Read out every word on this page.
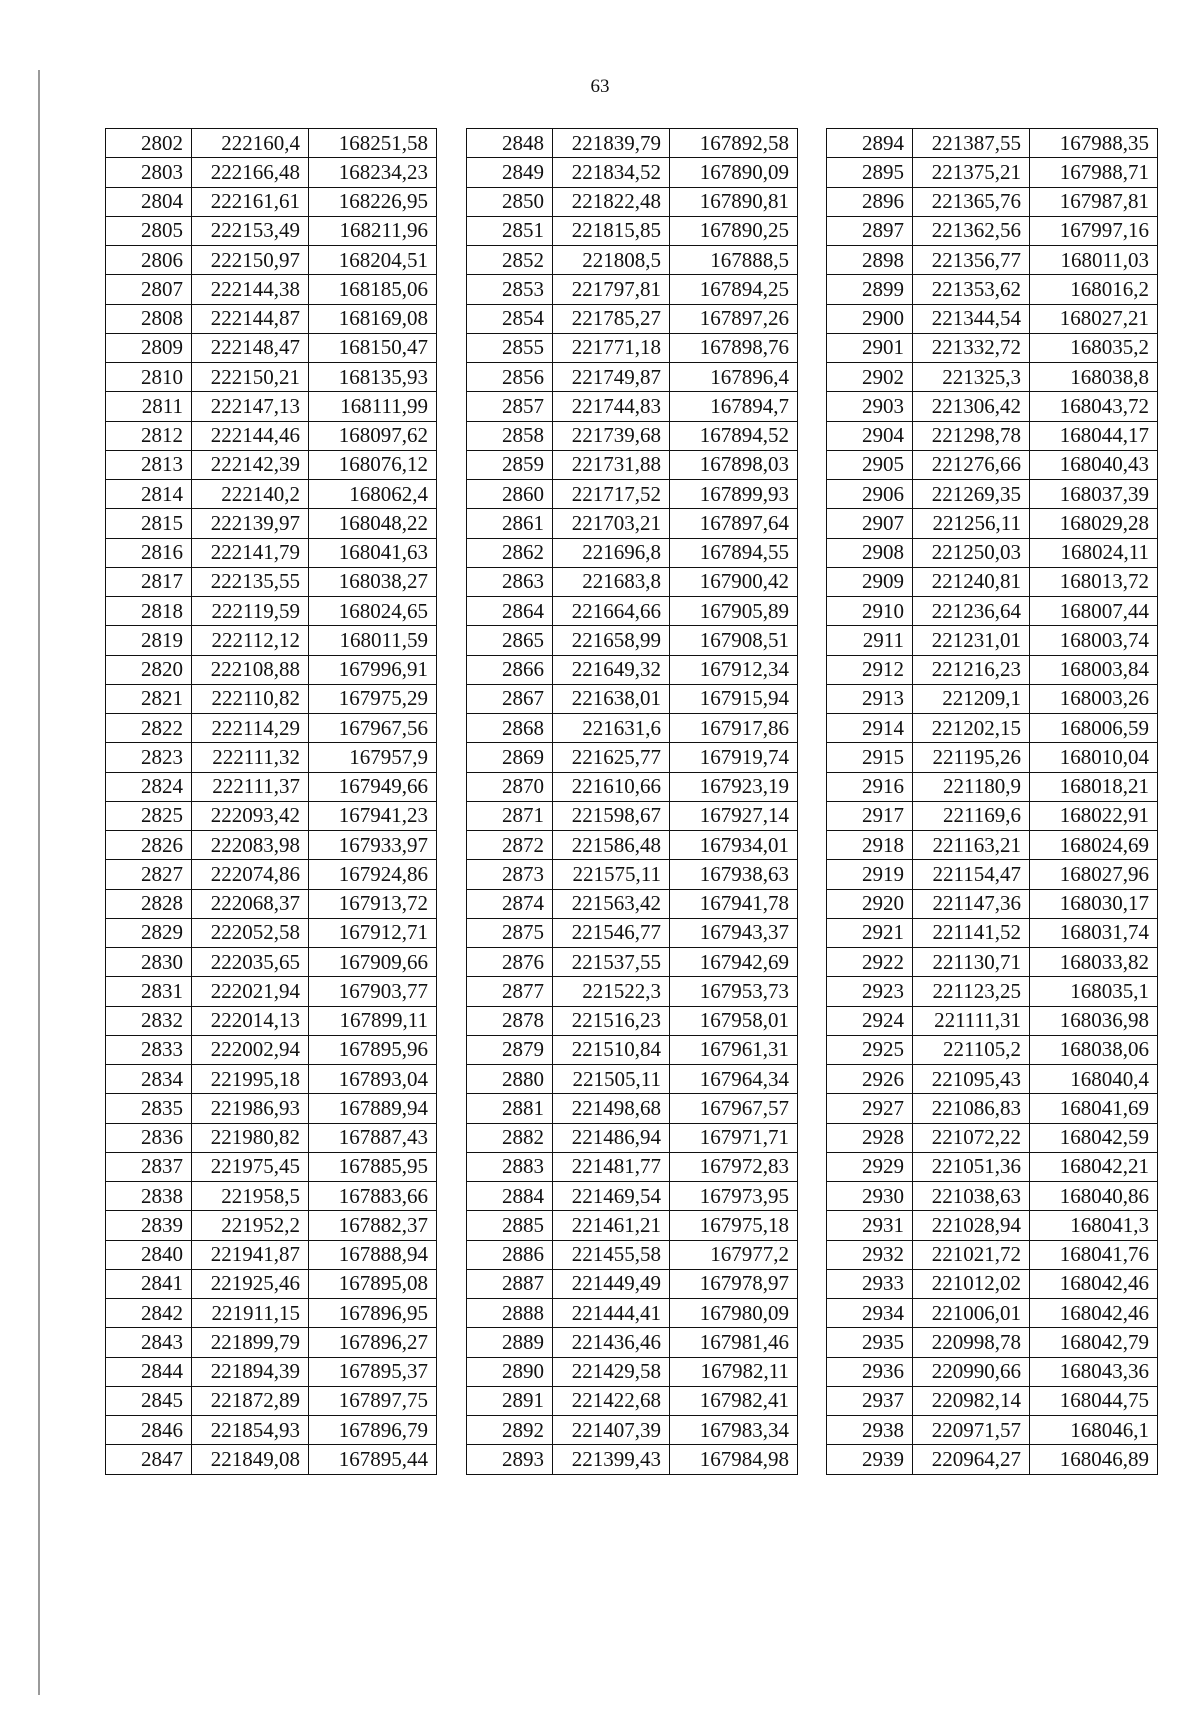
63
2802	222160,4	168251,58
2803	222166,48	168234,23
2804	222161,61	168226,95
2805	222153,49	168211,96
2806	222150,97	168204,51
2807	222144,38	168185,06
2808	222144,87	168169,08
2809	222148,47	168150,47
2810	222150,21	168135,93
2811	222147,13	168111,99
2812	222144,46	168097,62
2813	222142,39	168076,12
2814	222140,2	168062,4
2815	222139,97	168048,22
2816	222141,79	168041,63
2817	222135,55	168038,27
2818	222119,59	168024,65
2819	222112,12	168011,59
2820	222108,88	167996,91
2821	222110,82	167975,29
2822	222114,29	167967,56
2823	222111,32	167957,9
2824	222111,37	167949,66
2825	222093,42	167941,23
2826	222083,98	167933,97
2827	222074,86	167924,86
2828	222068,37	167913,72
2829	222052,58	167912,71
2830	222035,65	167909,66
2831	222021,94	167903,77
2832	222014,13	167899,11
2833	222002,94	167895,96
2834	221995,18	167893,04
2835	221986,93	167889,94
2836	221980,82	167887,43
2837	221975,45	167885,95
2838	221958,5	167883,66
2839	221952,2	167882,37
2840	221941,87	167888,94
2841	221925,46	167895,08
2842	221911,15	167896,95
2843	221899,79	167896,27
2844	221894,39	167895,37
2845	221872,89	167897,75
2846	221854,93	167896,79
2847	221849,08	167895,44
2848	221839,79	167892,58
2849	221834,52	167890,09
2850	221822,48	167890,81
2851	221815,85	167890,25
2852	221808,5	167888,5
2853	221797,81	167894,25
2854	221785,27	167897,26
2855	221771,18	167898,76
2856	221749,87	167896,4
2857	221744,83	167894,7
2858	221739,68	167894,52
2859	221731,88	167898,03
2860	221717,52	167899,93
2861	221703,21	167897,64
2862	221696,8	167894,55
2863	221683,8	167900,42
2864	221664,66	167905,89
2865	221658,99	167908,51
2866	221649,32	167912,34
2867	221638,01	167915,94
2868	221631,6	167917,86
2869	221625,77	167919,74
2870	221610,66	167923,19
2871	221598,67	167927,14
2872	221586,48	167934,01
2873	221575,11	167938,63
2874	221563,42	167941,78
2875	221546,77	167943,37
2876	221537,55	167942,69
2877	221522,3	167953,73
2878	221516,23	167958,01
2879	221510,84	167961,31
2880	221505,11	167964,34
2881	221498,68	167967,57
2882	221486,94	167971,71
2883	221481,77	167972,83
2884	221469,54	167973,95
2885	221461,21	167975,18
2886	221455,58	167977,2
2887	221449,49	167978,97
2888	221444,41	167980,09
2889	221436,46	167981,46
2890	221429,58	167982,11
2891	221422,68	167982,41
2892	221407,39	167983,34
2893	221399,43	167984,98
2894	221387,55	167988,35
2895	221375,21	167988,71
2896	221365,76	167987,81
2897	221362,56	167997,16
2898	221356,77	168011,03
2899	221353,62	168016,2
2900	221344,54	168027,21
2901	221332,72	168035,2
2902	221325,3	168038,8
2903	221306,42	168043,72
2904	221298,78	168044,17
2905	221276,66	168040,43
2906	221269,35	168037,39
2907	221256,11	168029,28
2908	221250,03	168024,11
2909	221240,81	168013,72
2910	221236,64	168007,44
2911	221231,01	168003,74
2912	221216,23	168003,84
2913	221209,1	168003,26
2914	221202,15	168006,59
2915	221195,26	168010,04
2916	221180,9	168018,21
2917	221169,6	168022,91
2918	221163,21	168024,69
2919	221154,47	168027,96
2920	221147,36	168030,17
2921	221141,52	168031,74
2922	221130,71	168033,82
2923	221123,25	168035,1
2924	221111,31	168036,98
2925	221105,2	168038,06
2926	221095,43	168040,4
2927	221086,83	168041,69
2928	221072,22	168042,59
2929	221051,36	168042,21
2930	221038,63	168040,86
2931	221028,94	168041,3
2932	221021,72	168041,76
2933	221012,02	168042,46
2934	221006,01	168042,46
2935	220998,78	168042,79
2936	220990,66	168043,36
2937	220982,14	168044,75
2938	220971,57	168046,1
2939	220964,27	168046,89
